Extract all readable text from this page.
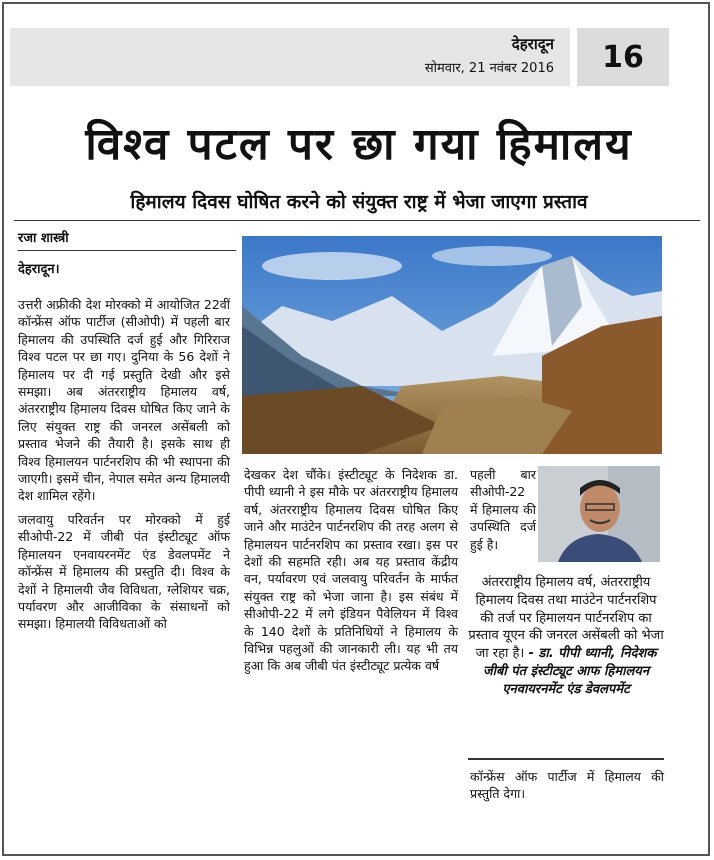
देहरादून
सोमवार, 21 नवंबर 2016	16
विश्व पटल पर छा गया हिमालय
हिमालय दिवस घोषित करने को संयुक्त राष्ट्र में भेजा जाएगा प्रस्ताव
रजा शास्त्री
देहरादून।

उत्तरी अफ्रीकी देश मोरक्को में आयोजित 22वीं कॉन्फ्रेंस ऑफ पार्टीज (सीओपी) में पहली बार हिमालय की उपस्थिति दर्ज हुई और गिरिराज विश्व पटल पर छा गए। दुनिया के 56 देशों ने हिमालय पर दी गई प्रस्तुति देखी और इसे समझा। अब अंतरराष्ट्रीय हिमालय वर्ष, अंतरराष्ट्रीय हिमालय दिवस घोषित किए जाने के लिए संयुक्त राष्ट्र की जनरल असेंबली को प्रस्ताव भेजने की तैयारी है। इसके साथ ही विश्व हिमालयन पार्टनरशिप की भी स्थापना की जाएगी। इसमें चीन, नेपाल समेत अन्य हिमालयी देश शामिल रहेंगे।

जलवायु परिवर्तन पर मोरक्को में हुई सीओपी-22 में जीबी पंत इंस्टीट्यूट ऑफ हिमालयन एनवायरनमेंट एंड डेवलपमेंट ने कॉन्फ्रेंस में हिमालय की प्रस्तुति दी। विश्व के देशों ने हिमालयी जैव विविधता, ग्लेशियर चक्र, पर्यावरण और आजीविका के संसाधनों को समझा। हिमालयी विविधताओं को

देखकर देश चौंके। इंस्टीट्यूट के निदेशक डा. पीपी ध्यानी ने इस मौके पर अंतरराष्ट्रीय हिमालय वर्ष, अंतरराष्ट्रीय हिमालय दिवस घोषित किए जाने और माउंटेन पार्टनरशिप की तरह अलग से हिमालयन पार्टनरशिप का प्रस्ताव रखा। इस पर देशों की सहमति रही। अब यह प्रस्ताव केंद्रीय वन, पर्यावरण एवं जलवायु परिवर्तन के मार्फत संयुक्त राष्ट्र को भेजा जाना है। इस संबंध में सीओपी-22 में लगे इंडियन पैवेलियन में विश्व के 140 देशों के प्रतिनिधियों ने हिमालय के विभिन्न पहलुओं की जानकारी ली। यह भी तय हुआ कि अब जीबी पंत इंस्टीट्यूट प्रत्येक वर्ष
पहली बार सीओपी-22 में हिमालय की उपस्थिति दर्ज हुई है।
अंतरराष्ट्रीय हिमालय वर्ष, अंतरराष्ट्रीय हिमालय दिवस तथा माउंटेन पार्टनरशिप की तर्ज पर हिमालयन पार्टनरशिप का प्रस्ताव यूएन की जनरल असेंबली को भेजा जा रहा है। - डा. पीपी ध्यानी, निदेशक जीबी पंत इंस्टीट्यूट आफ हिमालयन एनवायरनमेंट एंड डेवलपमेंट
कॉन्फ्रेंस ऑफ पार्टीज में हिमालय की प्रस्तुति देगा।
